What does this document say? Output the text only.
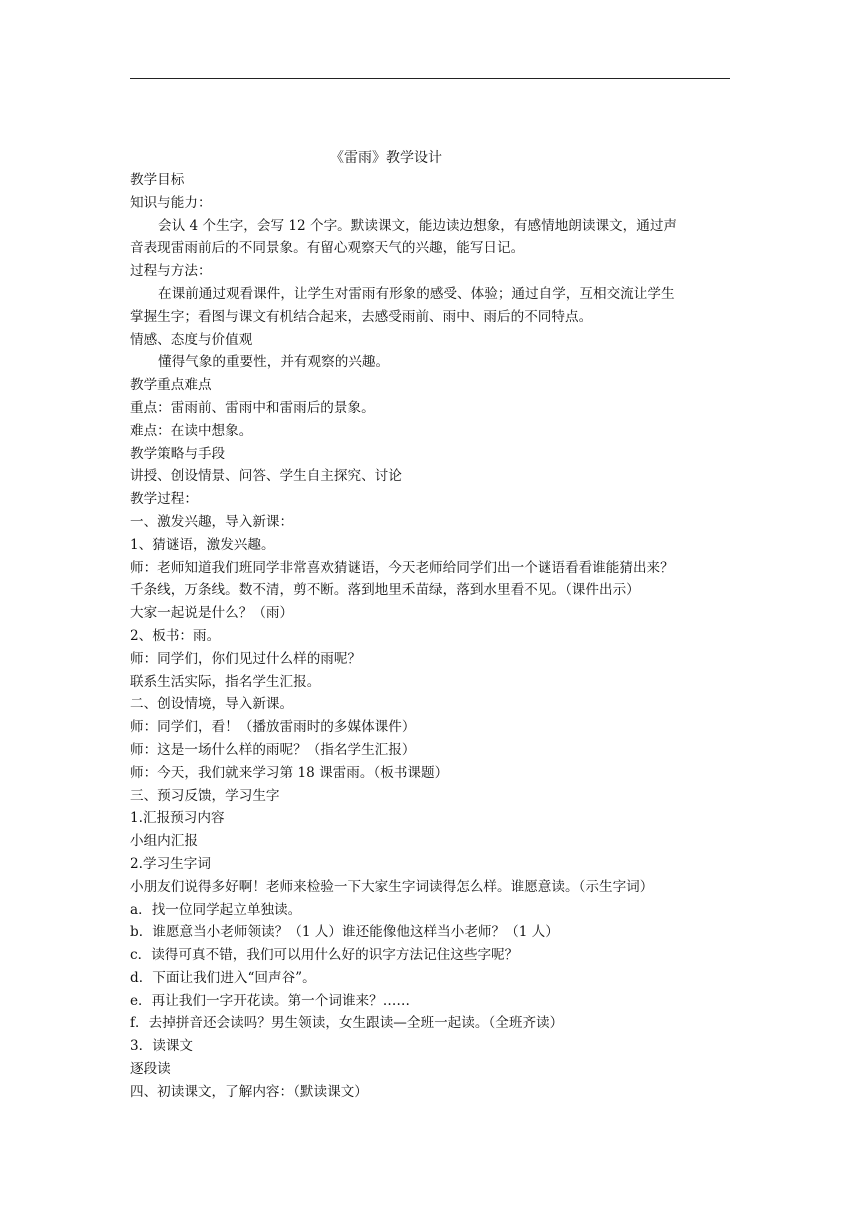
《雷雨》教学设计
教学目标
知识与能力：
会认 4 个生字，会写 12 个字。默读课文，能边读边想象，有感情地朗读课文，通过声
音表现雷雨前后的不同景象。有留心观察天气的兴趣，能写日记。
过程与方法：
在课前通过观看课件，让学生对雷雨有形象的感受、体验；通过自学，互相交流让学生
掌握生字；看图与课文有机结合起来，去感受雨前、雨中、雨后的不同特点。
情感、态度与价值观
懂得气象的重要性，并有观察的兴趣。
教学重点难点
重点：雷雨前、雷雨中和雷雨后的景象。
难点：在读中想象。
教学策略与手段
讲授、创设情景、问答、学生自主探究、讨论
教学过程：
一、激发兴趣，导入新课：
1、猜谜语，激发兴趣。
师：老师知道我们班同学非常喜欢猜谜语，今天老师给同学们出一个谜语看看谁能猜出来？
千条线，万条线。数不清，剪不断。落到地里禾苗绿，落到水里看不见。（课件出示）
大家一起说是什么？（雨）
2、板书：雨。
师：同学们，你们见过什么样的雨呢？
联系生活实际，指名学生汇报。
二、创设情境，导入新课。
师：同学们，看！（播放雷雨时的多媒体课件）
师：这是一场什么样的雨呢？（指名学生汇报）
师：今天，我们就来学习第 18 课雷雨。（板书课题）
三、预习反馈，学习生字
1.汇报预习内容
小组内汇报
2.学习生字词
小朋友们说得多好啊！老师来检验一下大家生字词读得怎么样。谁愿意读。（示生字词）
a．找一位同学起立单独读。
b．谁愿意当小老师领读？（1 人）谁还能像他这样当小老师？（1 人）
c．读得可真不错，我们可以用什么好的识字方法记住这些字呢？
d．下面让我们进入“回声谷”。
e．再让我们一字开花读。第一个词谁来？……
f．去掉拼音还会读吗？男生领读，女生跟读—全班一起读。（全班齐读）
3．读课文
逐段读
四、初读课文，了解内容：（默读课文）
